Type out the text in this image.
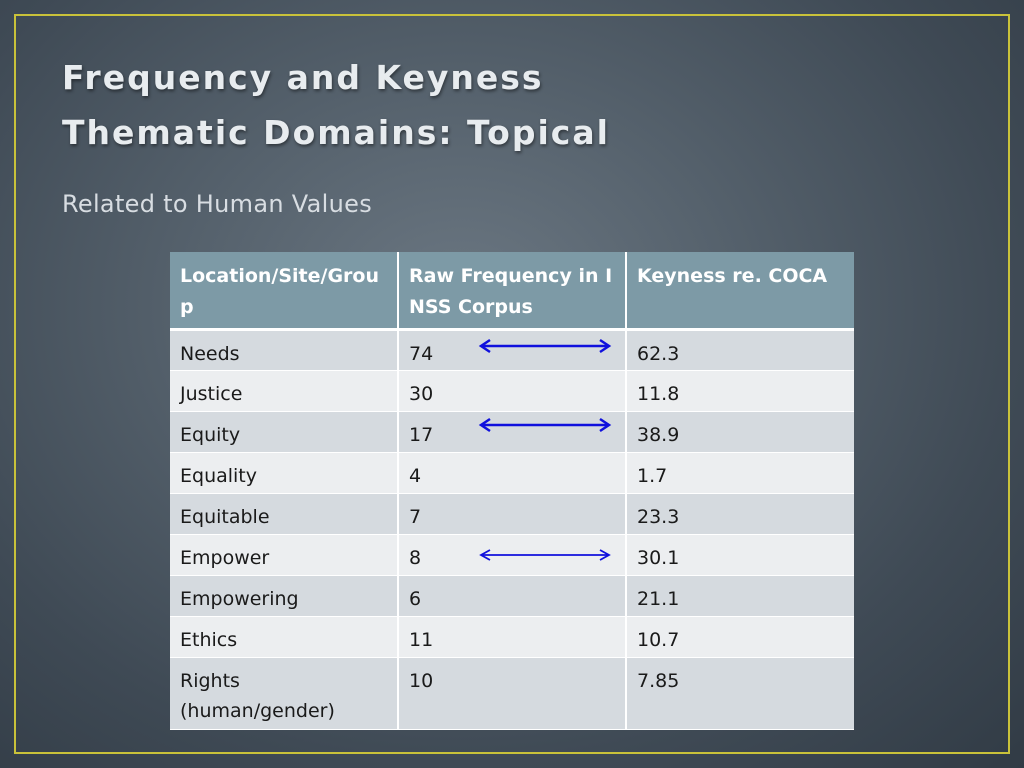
Frequency and Keyness
Thematic Domains: Topical
Related to Human Values
Location/Site/Group	Raw Frequency in INSS Corpus	Keyness re. COCA
Needs	74	62.3
Justice	30	11.8
Equity	17	38.9
Equality	4	1.7
Equitable	7	23.3
Empower	8	30.1
Empowering	6	21.1
Ethics	11	10.7
Rights (human/gender)	10	7.85
